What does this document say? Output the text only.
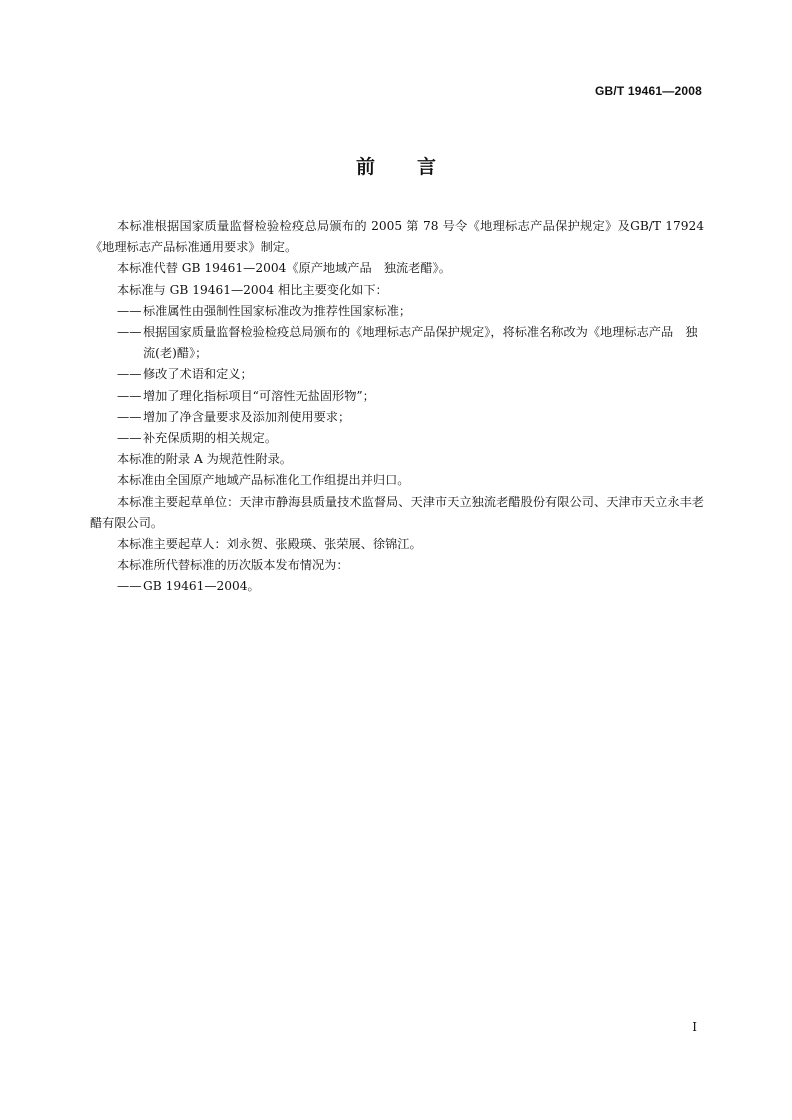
GB/T 19461—2008
前言

本标准根据国家质量监督检验检疫总局颁布的 2005 第 78 号令《地理标志产品保护规定》及GB/T 17924《地理标志产品标准通用要求》制定。

本标准代替 GB 19461—2004《原产地域产品　独流老醋》。

本标准与 GB 19461—2004 相比主要变化如下：

—— 标准属性由强制性国家标准改为推荐性国家标准；
—— 根据国家质量监督检验检疫总局颁布的《地理标志产品保护规定》，将标准名称改为《地理标志产品　独流(老)醋》；
—— 修改了术语和定义；
—— 增加了理化指标项目“可溶性无盐固形物”；
—— 增加了净含量要求及添加剂使用要求；
—— 补充保质期的相关规定。

本标准的附录 A 为规范性附录。

本标准由全国原产地域产品标准化工作组提出并归口。

本标准主要起草单位：天津市静海县质量技术监督局、天津市天立独流老醋股份有限公司、天津市天立永丰老醋有限公司。

本标准主要起草人：刘永贺、张殿瑛、张荣展、徐锦江。

本标准所代替标准的历次版本发布情况为：

—— GB 19461—2004。
I
